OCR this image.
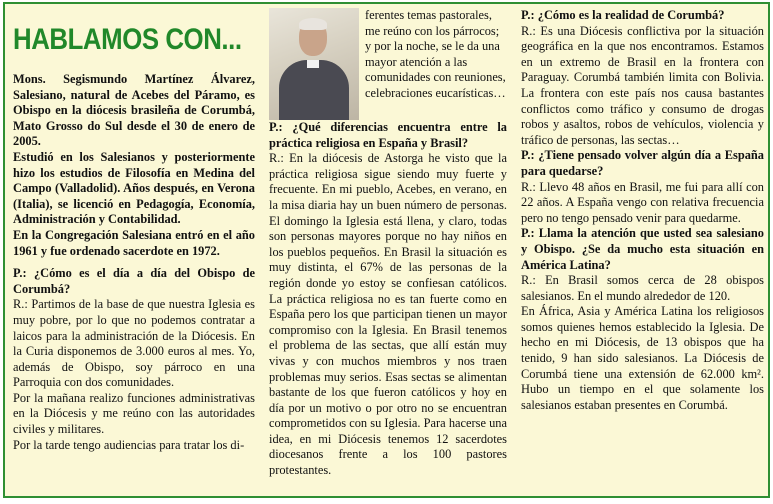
HABLAMOS CON...

Mons. Segismundo Martínez Álvarez, Salesiano, natural de Acebes del Páramo, es Obispo en la diócesis brasileña de Corumbá, Mato Grosso do Sul desde el 30 de enero de 2005.

Estudió en los Salesianos y posteriormente hizo los estudios de Filosofía en Medina del Campo (Valladolid). Años después, en Verona (Italia), se licenció en Pedagogía, Economía, Administración y Contabilidad.

En la Congregación Salesiana entró en el año 1961 y fue ordenado sacerdote en 1972.

P.: ¿Cómo es el día a día del Obispo de Corumbá?

R.: Partimos de la base de que nuestra Iglesia es muy pobre, por lo que no podemos contratar a laicos para la administración de la Diócesis. En la Curia disponemos de 3.000 euros al mes. Yo, además de Obispo, soy párroco en una Parroquia con dos comunidades.

Por la mañana realizo funciones administrativas en la Diócesis y me reúno con las autoridades civiles y militares.

Por la tarde tengo audiencias para tratar los di-

ferentes temas pastorales, me reúno con los párrocos; y por la noche, se le da una mayor atención a las comunidades con reuniones, celebraciones eucarísticas…

P.: ¿Qué diferencias encuentra entre la práctica religiosa en España y Brasil?

R.: En la diócesis de Astorga he visto que la práctica religiosa sigue siendo muy fuerte y frecuente. En mi pueblo, Acebes, en verano, en la misa diaria hay un buen número de personas. El domingo la Iglesia está llena, y claro, todas son personas mayores porque no hay niños en los pueblos pequeños. En Brasil la situación es muy distinta, el 67% de las personas de la región donde yo estoy se confiesan católicos. La práctica religiosa no es tan fuerte como en España pero los que participan tienen un mayor compromiso con la Iglesia. En Brasil tenemos el problema de las sectas, que allí están muy vivas y con muchos miembros y nos traen problemas muy serios. Esas sectas se alimentan bastante de los que fueron católicos y hoy en día por un motivo o por otro no se encuentran comprometidos con su Iglesia. Para hacerse una idea, en mi Diócesis tenemos 12 sacerdotes diocesanos frente a los 100 pastores protestantes.

P.: ¿Cómo es la realidad de Corumbá?

R.: Es una Diócesis conflictiva por la situación geográfica en la que nos encontramos. Estamos en un extremo de Brasil en la frontera con Paraguay. Corumbá también limita con Bolivia. La frontera con este país nos causa bastantes conflictos como tráfico y consumo de drogas robos y asaltos, robos de vehículos, violencia y tráfico de personas, las sectas…

P.: ¿Tiene pensado volver algún día a España para quedarse?

R.: Llevo 48 años en Brasil, me fui para allí con 22 años. A España vengo con relativa frecuencia pero no tengo pensado venir para quedarme.

P.: Llama la atención que usted sea salesiano y Obispo. ¿Se da mucho esta situación en América Latina?

R.: En Brasil somos cerca de 28 obispos salesianos. En el mundo alrededor de 120.

En África, Asia y América Latina los religiosos somos quienes hemos establecido la Iglesia. De hecho en mi Diócesis, de 13 obispos que ha tenido, 9 han sido salesianos. La Diócesis de Corumbá tiene una extensión de 62.000 km². Hubo un tiempo en el que solamente los salesianos estaban presentes en Corumbá.
